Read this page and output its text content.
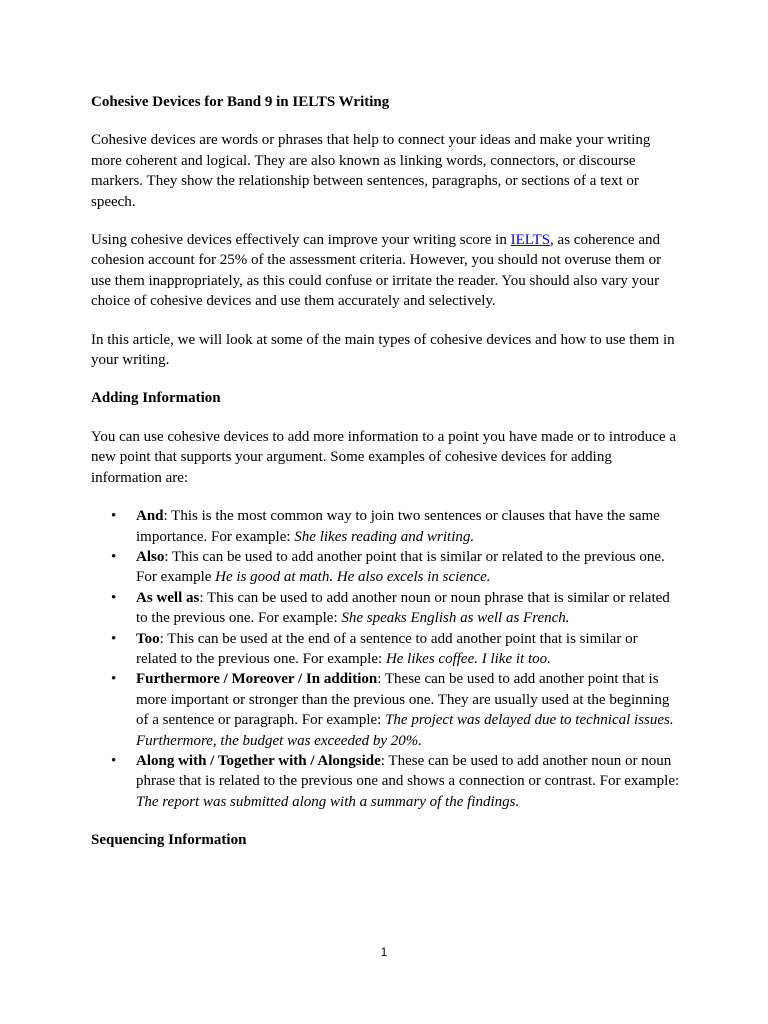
Cohesive Devices for Band 9 in IELTS Writing

Cohesive devices are words or phrases that help to connect your ideas and make your writing more coherent and logical. They are also known as linking words, connectors, or discourse markers. They show the relationship between sentences, paragraphs, or sections of a text or speech.

Using cohesive devices effectively can improve your writing score in IELTS, as coherence and cohesion account for 25% of the assessment criteria. However, you should not overuse them or use them inappropriately, as this could confuse or irritate the reader. You should also vary your choice of cohesive devices and use them accurately and selectively.

In this article, we will look at some of the main types of cohesive devices and how to use them in your writing.

Adding Information

You can use cohesive devices to add more information to a point you have made or to introduce a new point that supports your argument. Some examples of cohesive devices for adding information are:

• And: This is the most common way to join two sentences or clauses that have the same importance. For example: She likes reading and writing.
• Also: This can be used to add another point that is similar or related to the previous one. For example He is good at math. He also excels in science.
• As well as: This can be used to add another noun or noun phrase that is similar or related to the previous one. For example: She speaks English as well as French.
• Too: This can be used at the end of a sentence to add another point that is similar or related to the previous one. For example: He likes coffee. I like it too.
• Furthermore / Moreover / In addition: These can be used to add another point that is more important or stronger than the previous one. They are usually used at the beginning of a sentence or paragraph. For example: The project was delayed due to technical issues. Furthermore, the budget was exceeded by 20%.
• Along with / Together with / Alongside: These can be used to add another noun or noun phrase that is related to the previous one and shows a connection or contrast. For example: The report was submitted along with a summary of the findings.
Sequencing Information
1
